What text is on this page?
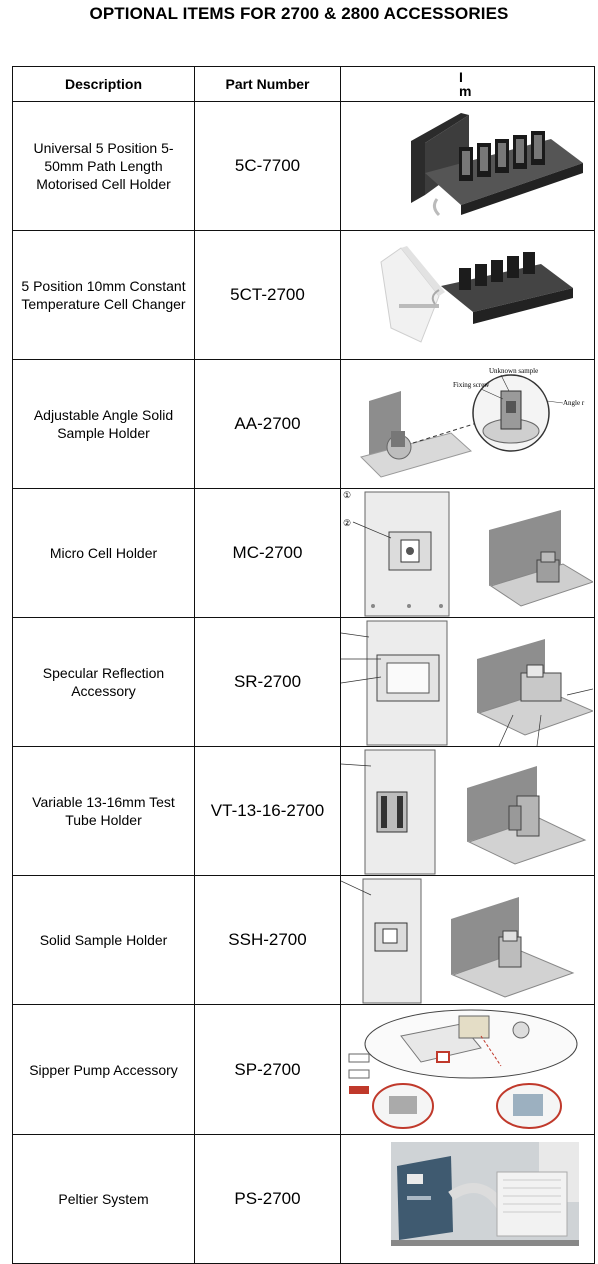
OPTIONAL ITEMS FOR 2700 & 2800 ACCESSORIES
Description	Part Number	I
m
Universal 5 Position 5-50mm Path Length Motorised Cell Holder	5C-7700	

5 Position 10mm Constant Temperature Cell Changer	5CT-2700	

Adjustable Angle Solid Sample Holder	AA-2700	Unknown sample
Fixing screw
Angle r

Micro Cell Holder	MC-2700	①
②

Specular Reflection Accessory	SR-2700	

Variable 13-16mm Test Tube Holder	VT-13-16-2700	

Solid Sample Holder	SSH-2700	

Sipper Pump Accessory	SP-2700	

Peltier System	PS-2700	
